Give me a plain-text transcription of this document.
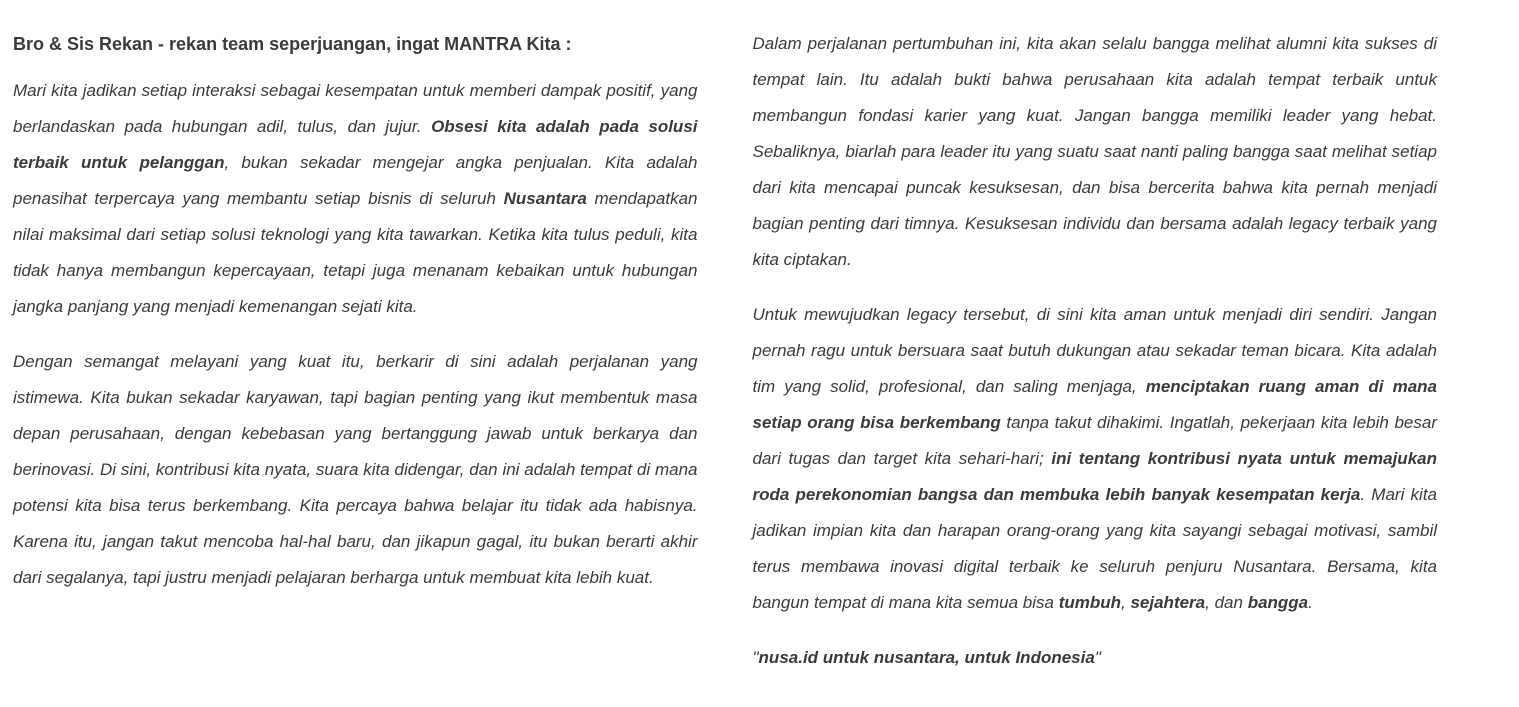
Bro & Sis Rekan - rekan team seperjuangan, ingat MANTRA Kita :

Mari kita jadikan setiap interaksi sebagai kesempatan untuk memberi dampak positif, yang berlandaskan pada hubungan adil, tulus, dan jujur. Obsesi kita adalah pada solusi terbaik untuk pelanggan, bukan sekadar mengejar angka penjualan. Kita adalah penasihat terpercaya yang membantu setiap bisnis di seluruh Nusantara mendapatkan nilai maksimal dari setiap solusi teknologi yang kita tawarkan. Ketika kita tulus peduli, kita tidak hanya membangun kepercayaan, tetapi juga menanam kebaikan untuk hubungan jangka panjang yang menjadi kemenangan sejati kita.

Dengan semangat melayani yang kuat itu, berkarir di sini adalah perjalanan yang istimewa. Kita bukan sekadar karyawan, tapi bagian penting yang ikut membentuk masa depan perusahaan, dengan kebebasan yang bertanggung jawab untuk berkarya dan berinovasi. Di sini, kontribusi kita nyata, suara kita didengar, dan ini adalah tempat di mana potensi kita bisa terus berkembang. Kita percaya bahwa belajar itu tidak ada habisnya. Karena itu, jangan takut mencoba hal-hal baru, dan jikapun gagal, itu bukan berarti akhir dari segalanya, tapi justru menjadi pelajaran berharga untuk membuat kita lebih kuat.

Dalam perjalanan pertumbuhan ini, kita akan selalu bangga melihat alumni kita sukses di tempat lain. Itu adalah bukti bahwa perusahaan kita adalah tempat terbaik untuk membangun fondasi karier yang kuat. Jangan bangga memiliki leader yang hebat. Sebaliknya, biarlah para leader itu yang suatu saat nanti paling bangga saat melihat setiap dari kita mencapai puncak kesuksesan, dan bisa bercerita bahwa kita pernah menjadi bagian penting dari timnya. Kesuksesan individu dan bersama adalah legacy terbaik yang kita ciptakan.

Untuk mewujudkan legacy tersebut, di sini kita aman untuk menjadi diri sendiri. Jangan pernah ragu untuk bersuara saat butuh dukungan atau sekadar teman bicara. Kita adalah tim yang solid, profesional, dan saling menjaga, menciptakan ruang aman di mana setiap orang bisa berkembang tanpa takut dihakimi. Ingatlah, pekerjaan kita lebih besar dari tugas dan target kita sehari-hari; ini tentang kontribusi nyata untuk memajukan roda perekonomian bangsa dan membuka lebih banyak kesempatan kerja. Mari kita jadikan impian kita dan harapan orang-orang yang kita sayangi sebagai motivasi, sambil terus membawa inovasi digital terbaik ke seluruh penjuru Nusantara. Bersama, kita bangun tempat di mana kita semua bisa tumbuh, sejahtera, dan bangga.

"nusa.id untuk nusantara, untuk Indonesia"
